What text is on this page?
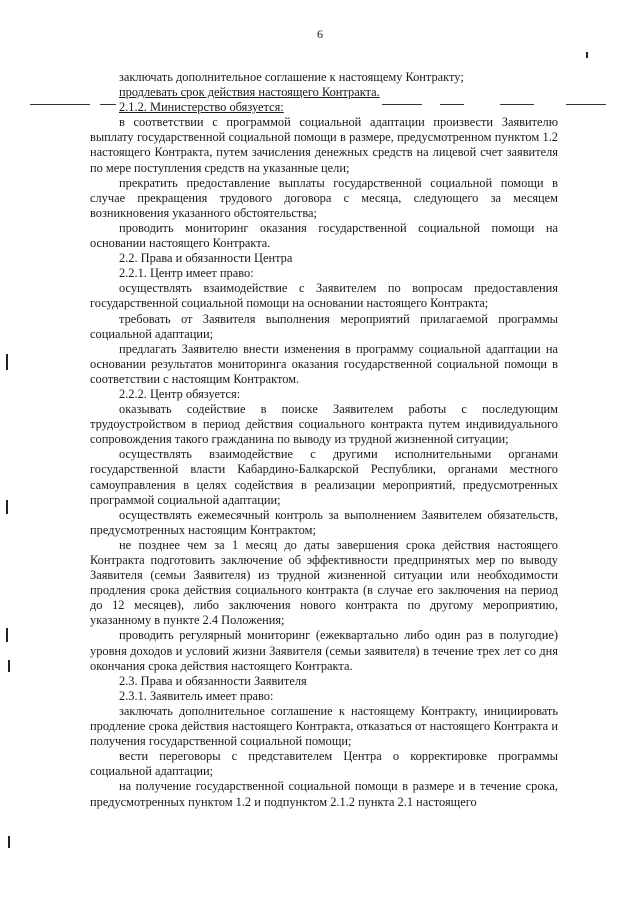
6

заключать дополнительное соглашение к настоящему Контракту;

продлевать срок действия настоящего Контракта.

2.1.2. Министерство обязуется:

в соответствии с программой социальной адаптации произвести Заявителю выплату государственной социальной помощи в размере, предусмотренном пунктом 1.2 настоящего Контракта, путем зачисления денежных средств на лицевой счет заявителя по мере поступления средств на указанные цели;

прекратить предоставление выплаты государственной социальной помощи в случае прекращения трудового договора с месяца, следующего за месяцем возникновения указанного обстоятельства;

проводить мониторинг оказания государственной социальной помощи на основании настоящего Контракта.

2.2. Права и обязанности Центра

2.2.1. Центр имеет право:

осуществлять взаимодействие с Заявителем по вопросам предоставления государственной социальной помощи на основании настоящего Контракта;

требовать от Заявителя выполнения мероприятий прилагаемой программы социальной адаптации;

предлагать Заявителю внести изменения в программу социальной адаптации на основании результатов мониторинга оказания государственной социальной помощи в соответствии с настоящим Контрактом.

2.2.2. Центр обязуется:

оказывать содействие в поиске Заявителем работы с последующим трудоустройством в период действия социального контракта путем индивидуального сопровождения такого гражданина по выводу из трудной жизненной ситуации;

осуществлять взаимодействие с другими исполнительными органами государственной власти Кабардино-Балкарской Республики, органами местного самоуправления в целях содействия в реализации мероприятий, предусмотренных программой социальной адаптации;

осуществлять ежемесячный контроль за выполнением Заявителем обязательств, предусмотренных настоящим Контрактом;

не позднее чем за 1 месяц до даты завершения срока действия настоящего Контракта подготовить заключение об эффективности предпринятых мер по выводу Заявителя (семьи Заявителя) из трудной жизненной ситуации или необходимости продления срока действия социального контракта (в случае его заключения на период до 12 месяцев), либо заключения нового контракта по другому мероприятию, указанному в пункте 2.4 Положения;

проводить регулярный мониторинг (ежеквартально либо один раз в полугодие) уровня доходов и условий жизни Заявителя (семьи заявителя) в течение трех лет со дня окончания срока действия настоящего Контракта.

2.3. Права и обязанности Заявителя

2.3.1. Заявитель имеет право:

заключать дополнительное соглашение к настоящему Контракту, инициировать продление срока действия настоящего Контракта, отказаться от настоящего Контракта и получения государственной социальной помощи;

вести переговоры с представителем Центра о корректировке программы социальной адаптации;

на получение государственной социальной помощи в размере и в течение срока, предусмотренных пунктом 1.2 и подпунктом 2.1.2 пункта 2.1 настоящего
